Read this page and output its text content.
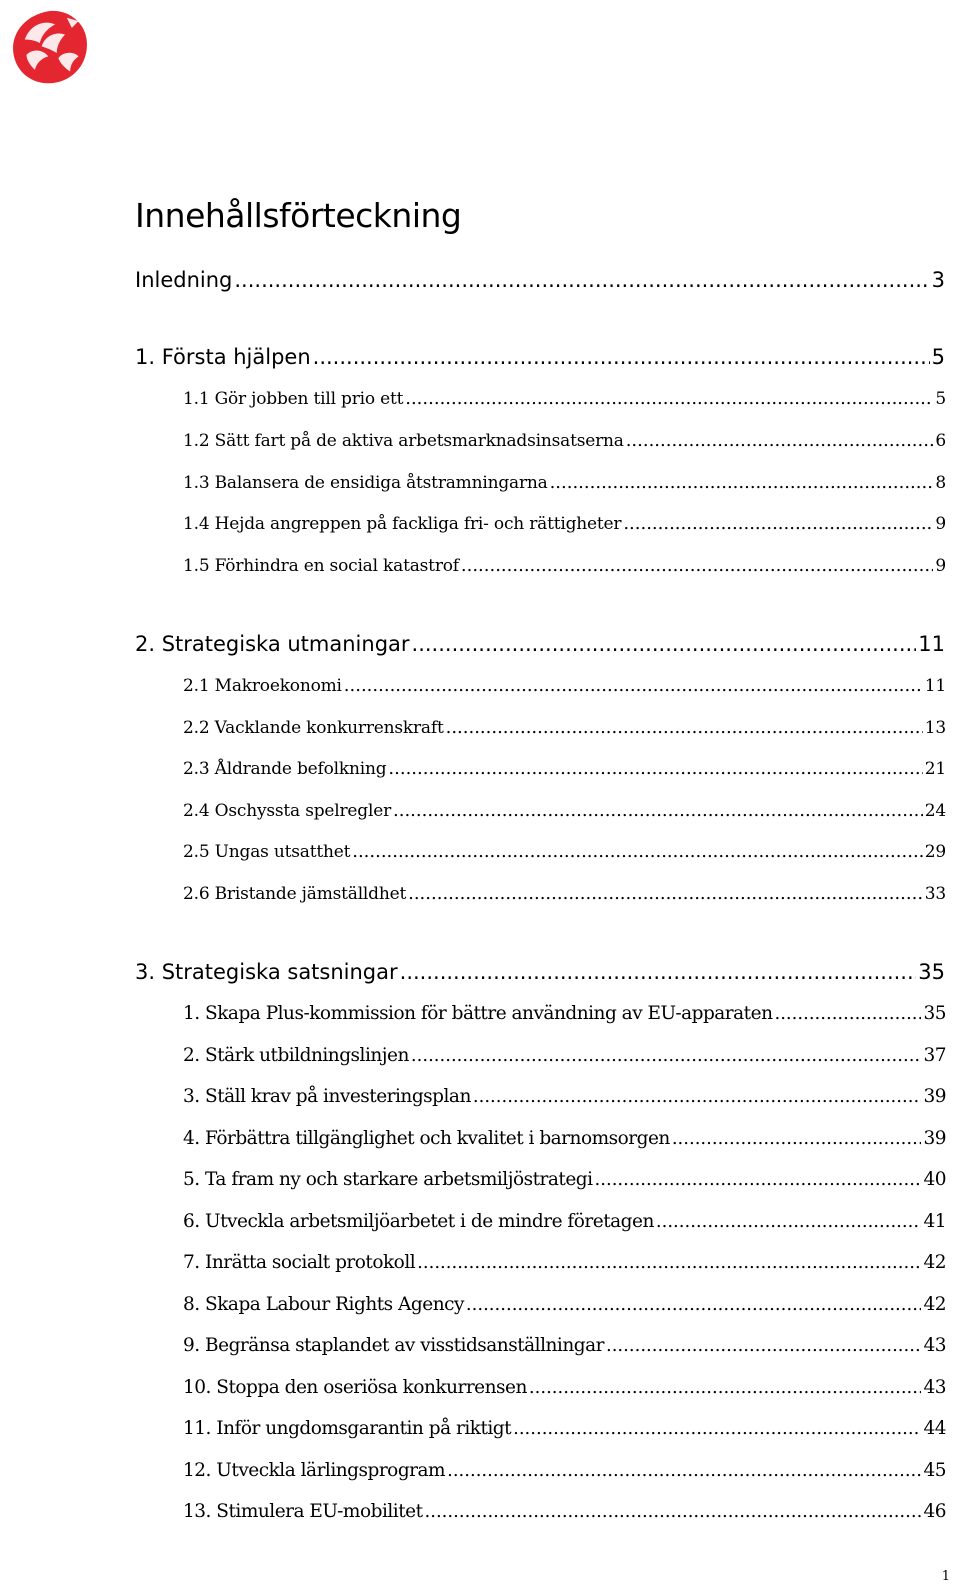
Innehållsförteckning
Inledning .....	3
1. Första hjälpen .....	5
1.1 Gör jobben till prio ett .....	5
1.2 Sätt fart på de aktiva arbetsmarknadsinsatserna .....	6
1.3 Balansera de ensidiga åtstramningarna .....	8
1.4 Hejda angreppen på fackliga fri- och rättigheter .....	9
1.5 Förhindra en social katastrof .....	9
2. Strategiska utmaningar .....	11
2.1 Makroekonomi .....	11
2.2 Vacklande konkurrenskraft .....	13
2.3 Åldrande befolkning .....	21
2.4 Oschyssta spelregler .....	24
2.5 Ungas utsatthet .....	29
2.6 Bristande jämställdhet .....	33
3. Strategiska satsningar .....	35
1. Skapa Plus-kommission för bättre användning av EU-apparaten .....	35
2. Stärk utbildningslinjen .....	37
3. Ställ krav på investeringsplan .....	39
4. Förbättra tillgänglighet och kvalitet i barnomsorgen .....	39
5. Ta fram ny och starkare arbetsmiljöstrategi .....	40
6. Utveckla arbetsmiljöarbetet i de mindre företagen .....	41
7. Inrätta socialt protokoll .....	42
8. Skapa Labour Rights Agency .....	42
9. Begränsa staplandet av visstidsanställningar .....	43
10. Stoppa den oseriösa konkurrensen .....	43
11. Inför ungdomsgarantin på riktigt .....	44
12. Utveckla lärlingsprogram .....	45
13. Stimulera EU-mobilitet .....	46
1
